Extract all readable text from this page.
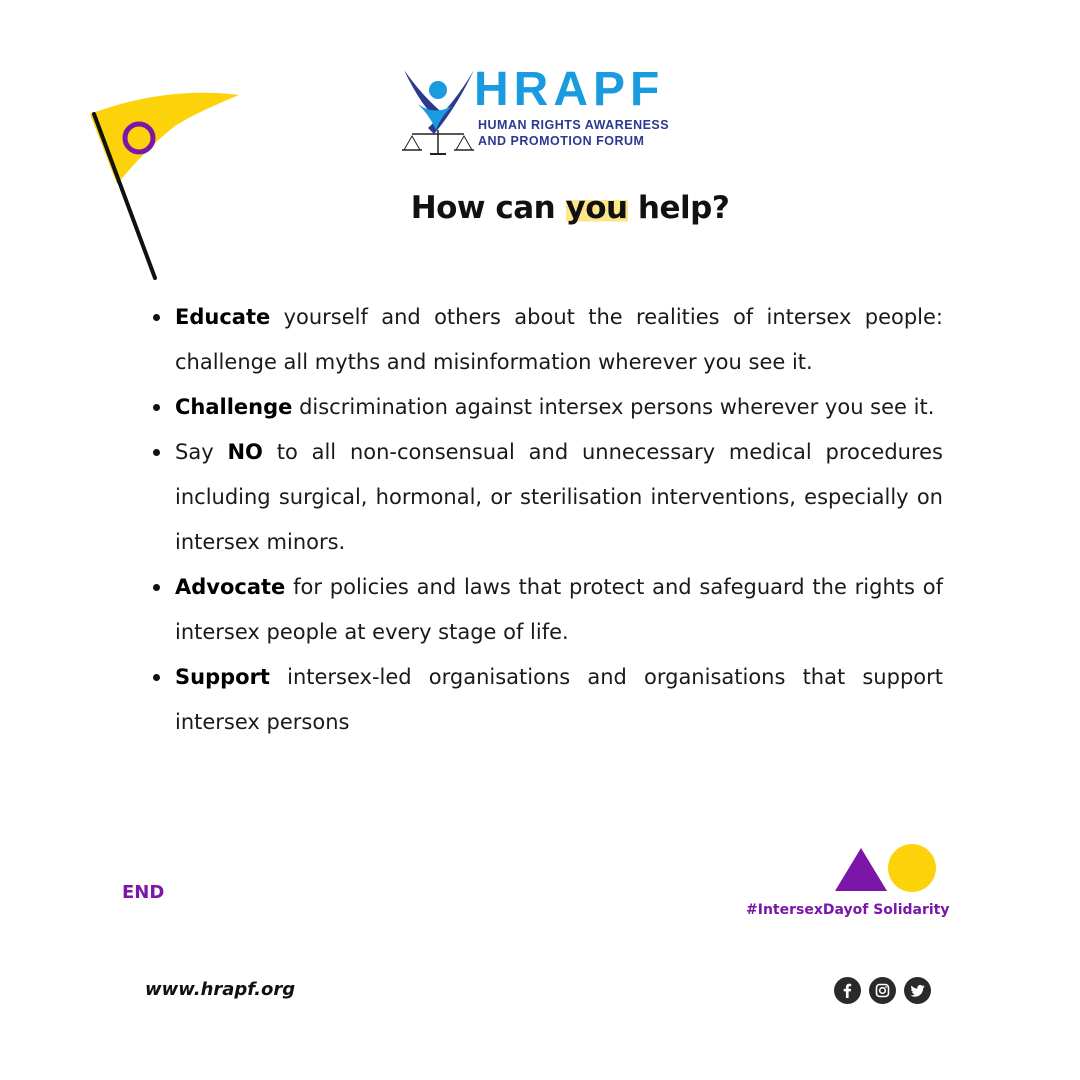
HRAPF
HUMAN RIGHTS AWARENESS
AND PROMOTION FORUM
How can you help?
Educate yourself and others about the realities of intersex people: challenge all myths and misinformation wherever you see it.
Challenge discrimination against intersex persons wherever you see it.
Say NO to all non-consensual and unnecessary medical procedures including surgical, hormonal, or sterilisation interventions, especially on intersex minors.
Advocate for policies and laws that protect and safeguard the rights of intersex people at every stage of life.
Support intersex-led organisations and organisations that support intersex persons
END
#IntersexDayof Solidarity
www.hrapf.org
